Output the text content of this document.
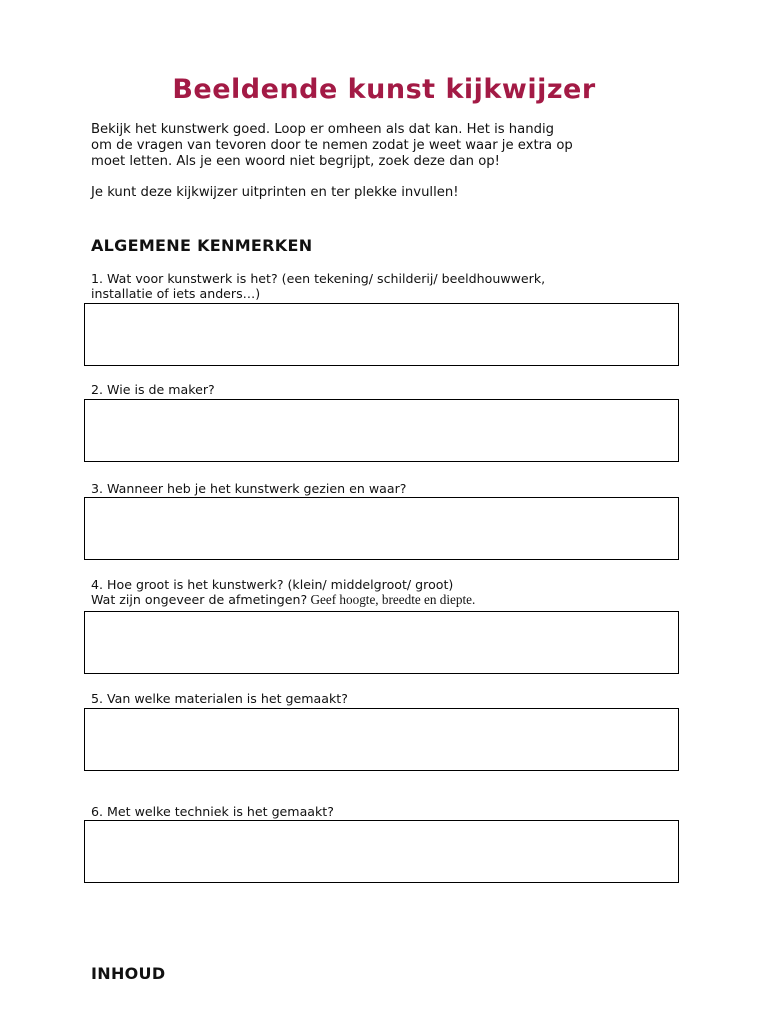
Beeldende kunst kijkwijzer

Bekijk het kunstwerk goed. Loop er omheen als dat kan. Het is handig

om de vragen van tevoren door te nemen zodat je weet waar je extra op

moet letten. Als je een woord niet begrijpt, zoek deze dan op!

Je kunt deze kijkwijzer uitprinten en ter plekke invullen!

ALGEMENE KENMERKEN
1. Wat voor kunstwerk is het? (een tekening/ schilderij/ beeldhouwwerk,
installatie of iets anders…)
2. Wie is de maker?
3. Wanneer heb je het kunstwerk gezien en waar?
4. Hoe groot is het kunstwerk? (klein/ middelgroot/ groot)
Wat zijn ongeveer de afmetingen? Geef hoogte, breedte en diepte.
5. Van welke materialen is het gemaakt?
6. Met welke techniek is het gemaakt?
INHOUD
